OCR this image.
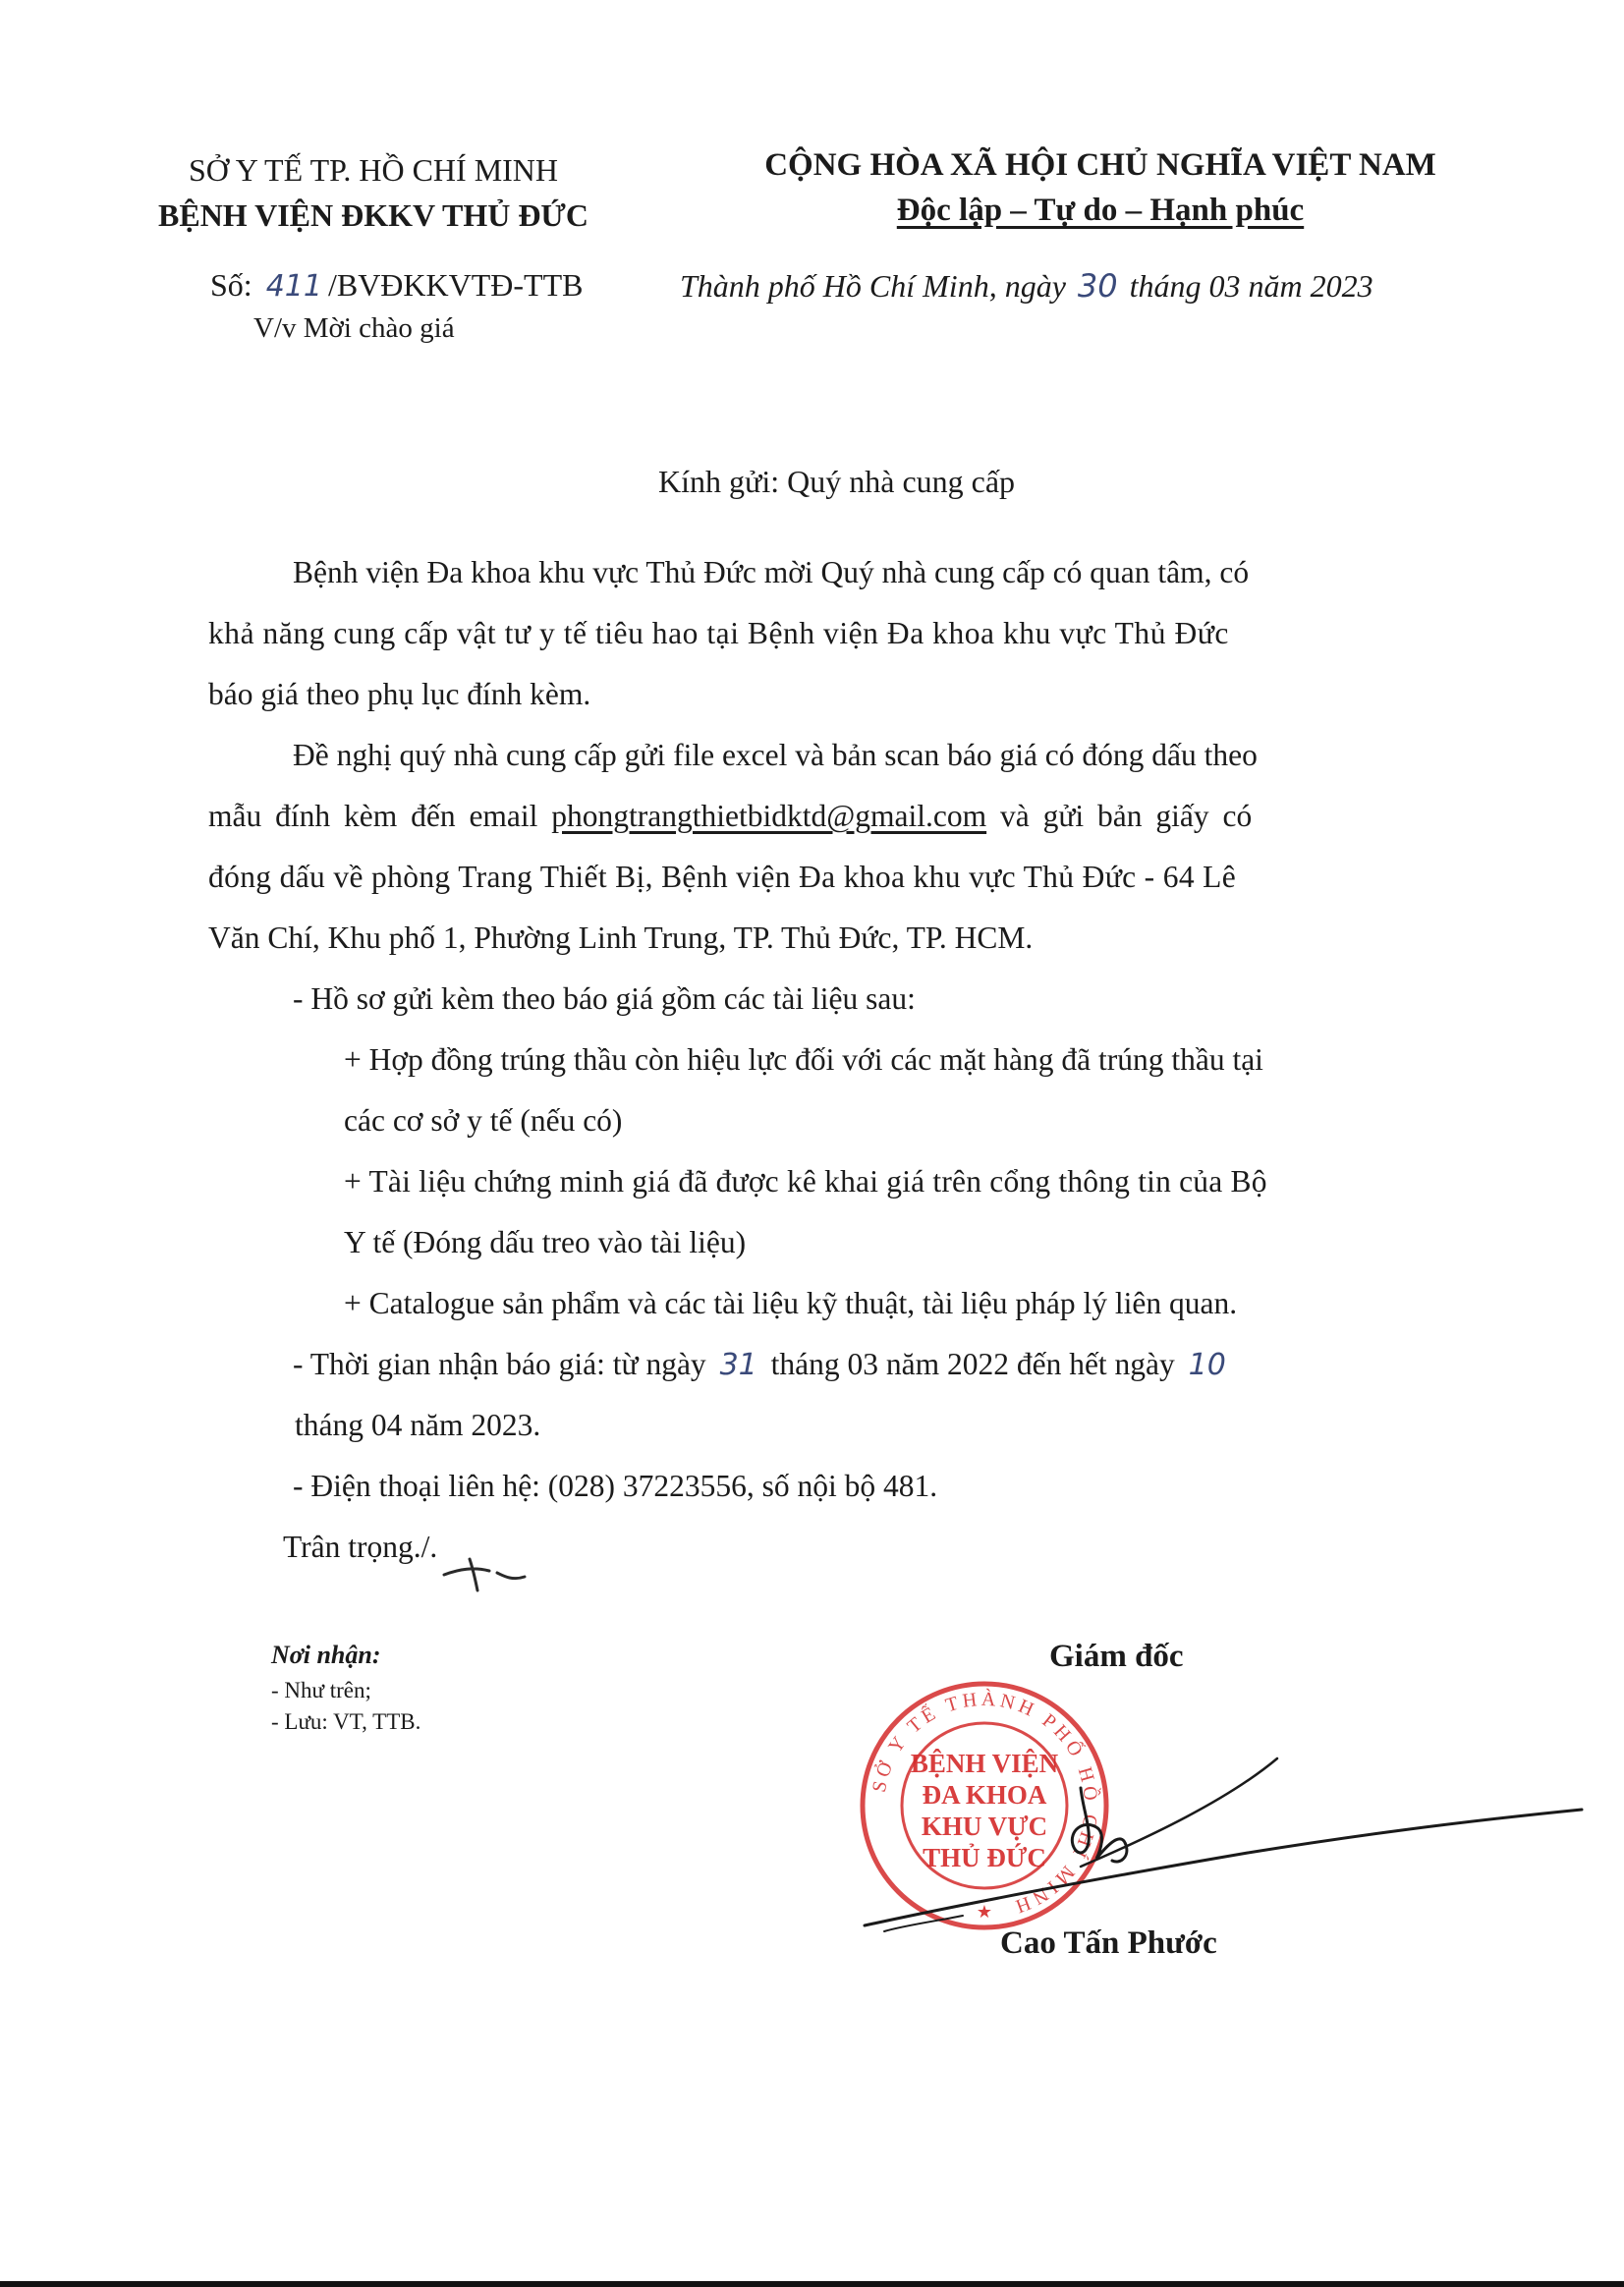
SỞ Y TẾ TP. HỒ CHÍ MINH
BỆNH VIỆN ĐKKV THỦ ĐỨC
CỘNG HÒA XÃ HỘI CHỦ NGHĨA VIỆT NAM
Độc lập – Tự do – Hạnh phúc
Số: 411 /BVĐKKVTĐ-TTB
V/v Mời chào giá
Thành phố Hồ Chí Minh, ngày 30 tháng 03 năm 2023
Kính gửi: Quý nhà cung cấp
Bệnh viện Đa khoa khu vực Thủ Đức mời Quý nhà cung cấp có quan tâm, có
khả năng cung cấp vật tư y tế tiêu hao tại Bệnh viện Đa khoa khu vực Thủ Đức
báo giá theo phụ lục đính kèm.
Đề nghị quý nhà cung cấp gửi file excel và bản scan báo giá có đóng dấu theo
mẫu đính kèm đến email phongtrangthietbidktd@gmail.com và gửi bản giấy có
đóng dấu về phòng Trang Thiết Bị, Bệnh viện Đa khoa khu vực Thủ Đức - 64 Lê
Văn Chí, Khu phố 1, Phường Linh Trung, TP. Thủ Đức, TP. HCM.
- Hồ sơ gửi kèm theo báo giá gồm các tài liệu sau:
+ Hợp đồng trúng thầu còn hiệu lực đối với các mặt hàng đã trúng thầu tại
các cơ sở y tế (nếu có)
+ Tài liệu chứng minh giá đã được kê khai giá trên cổng thông tin của Bộ
Y tế (Đóng dấu treo vào tài liệu)
+ Catalogue sản phẩm và các tài liệu kỹ thuật, tài liệu pháp lý liên quan.
- Thời gian nhận báo giá: từ ngày 31 tháng 03 năm 2022 đến hết ngày 10
tháng 04 năm 2023.
- Điện thoại liên hệ: (028) 37223556, số nội bộ 481.
Trân trọng./.
Nơi nhận:
- Như trên;
- Lưu: VT, TTB.
Giám đốc
SỞ Y TẾ THÀNH PHỐ HỒ CHÍ MINH
BỆNH VIỆN
ĐA KHOA
KHU VỰC
THỦ ĐỨC
★
Cao Tấn Phước
